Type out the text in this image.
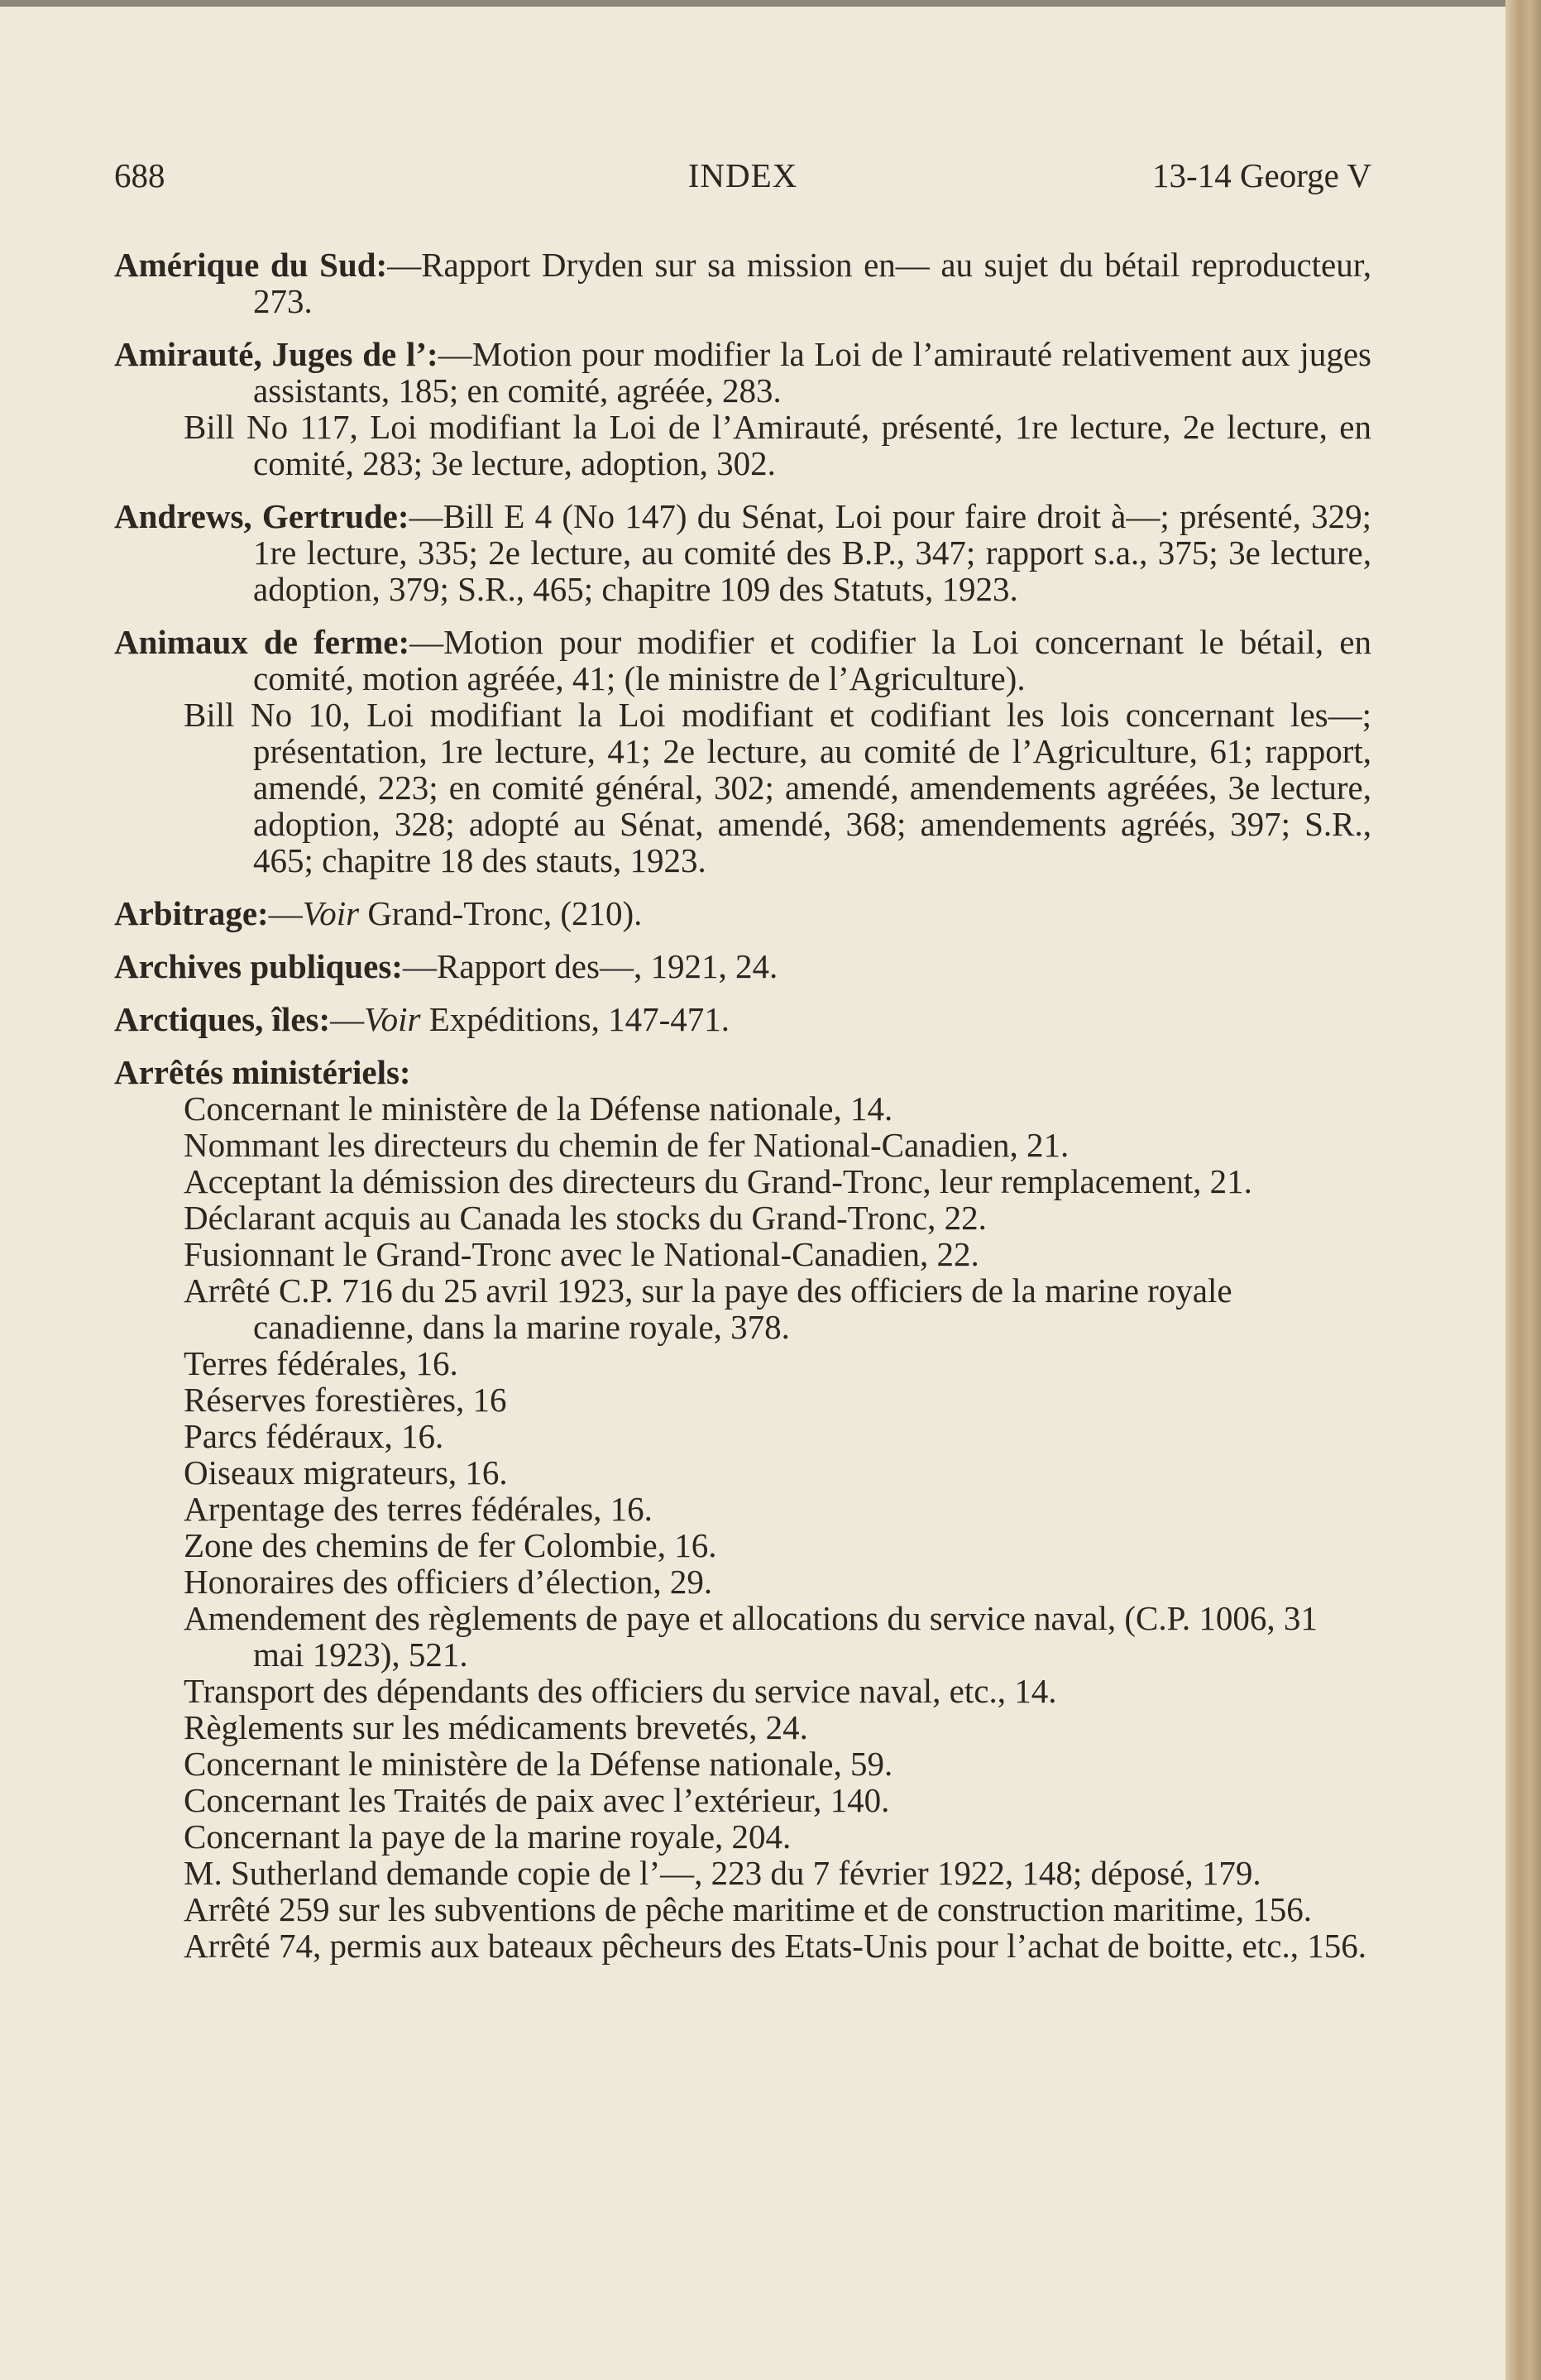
688	INDEX	13-14 George V

Amérique du Sud:—Rapport Dryden sur sa mission en— au sujet du bétail reproducteur, 273.

Amirauté, Juges de l’:—Motion pour modifier la Loi de l’amirauté relativement aux juges assistants, 185; en comité, agréée, 283.

Bill No 117, Loi modifiant la Loi de l’Amirauté, présenté, 1re lecture, 2e lecture, en comité, 283; 3e lecture, adoption, 302.

Andrews, Gertrude:—Bill E 4 (No 147) du Sénat, Loi pour faire droit à—; présenté, 329; 1re lecture, 335; 2e lecture, au comité des B.P., 347; rapport s.a., 375; 3e lecture, adoption, 379; S.R., 465; chapitre 109 des Statuts, 1923.

Animaux de ferme:—Motion pour modifier et codifier la Loi concernant le bétail, en comité, motion agréée, 41; (le ministre de l’Agriculture).

Bill No 10, Loi modifiant la Loi modifiant et codifiant les lois concernant les—; présentation, 1re lecture, 41; 2e lecture, au comité de l’Agriculture, 61; rapport, amendé, 223; en comité général, 302; amendé, amendements agréées, 3e lecture, adoption, 328; adopté au Sénat, amendé, 368; amendements agréés, 397; S.R., 465; chapitre 18 des stauts, 1923.

Arbitrage:—Voir Grand-Tronc, (210).

Archives publiques:—Rapport des—, 1921, 24.

Arctiques, îles:—Voir Expéditions, 147-471.

Arrêtés ministériels:

Concernant le ministère de la Défense nationale, 14.

Nommant les directeurs du chemin de fer National-Canadien, 21.

Acceptant la démission des directeurs du Grand-Tronc, leur remplacement, 21.

Déclarant acquis au Canada les stocks du Grand-Tronc, 22.

Fusionnant le Grand-Tronc avec le National-Canadien, 22.

Arrêté C.P. 716 du 25 avril 1923, sur la paye des officiers de la marine royale canadienne, dans la marine royale, 378.

Terres fédérales, 16.

Réserves forestières, 16

Parcs fédéraux, 16.

Oiseaux migrateurs, 16.

Arpentage des terres fédérales, 16.

Zone des chemins de fer Colombie, 16.

Honoraires des officiers d’élection, 29.

Amendement des règlements de paye et allocations du service naval, (C.P. 1006, 31 mai 1923), 521.

Transport des dépendants des officiers du service naval, etc., 14.

Règlements sur les médicaments brevetés, 24.

Concernant le ministère de la Défense nationale, 59.

Concernant les Traités de paix avec l’extérieur, 140.

Concernant la paye de la marine royale, 204.

M. Sutherland demande copie de l’—, 223 du 7 février 1922, 148; déposé, 179.

Arrêté 259 sur les subventions de pêche maritime et de construction maritime, 156.

Arrêté 74, permis aux bateaux pêcheurs des Etats-Unis pour l’achat de boitte, etc., 156.
